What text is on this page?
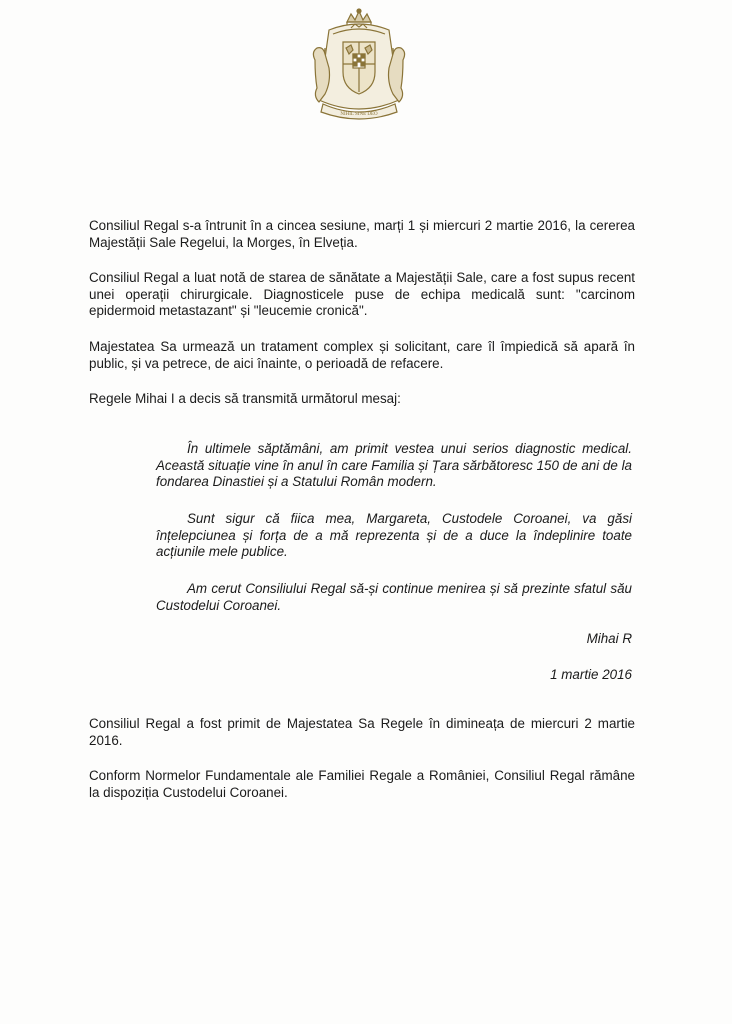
NIHIL SINE DEO

Consiliul Regal s-a întrunit în a cincea sesiune, marți 1 și miercuri 2 martie 2016, la cererea Majestății Sale Regelui, la Morges, în Elveția.

Consiliul Regal a luat notă de starea de sănătate a Majestății Sale, care a fost supus recent unei operații chirurgicale. Diagnosticele puse de echipa medicală sunt: "carcinom epidermoid metastazant" și "leucemie cronică".

Majestatea Sa urmează un tratament complex și solicitant, care îl împiedică să apară în public, și va petrece, de aici înainte, o perioadă de refacere.

Regele Mihai I a decis să transmită următorul mesaj:

În ultimele săptămâni, am primit vestea unui serios diagnostic medical. Această situație vine în anul în care Familia și Țara sărbătoresc 150 de ani de la fondarea Dinastiei și a Statului Român modern.

Sunt sigur că fiica mea, Margareta, Custodele Coroanei, va găsi înțelepciunea și forța de a mă reprezenta și de a duce la îndeplinire toate acțiunile mele publice.

Am cerut Consiliului Regal să-și continue menirea și să prezinte sfatul său Custodelui Coroanei.

Mihai R
1 martie 2016

Consiliul Regal a fost primit de Majestatea Sa Regele în dimineața de miercuri 2 martie 2016.

Conform Normelor Fundamentale ale Familiei Regale a României, Consiliul Regal rămâne la dispoziția Custodelui Coroanei.
